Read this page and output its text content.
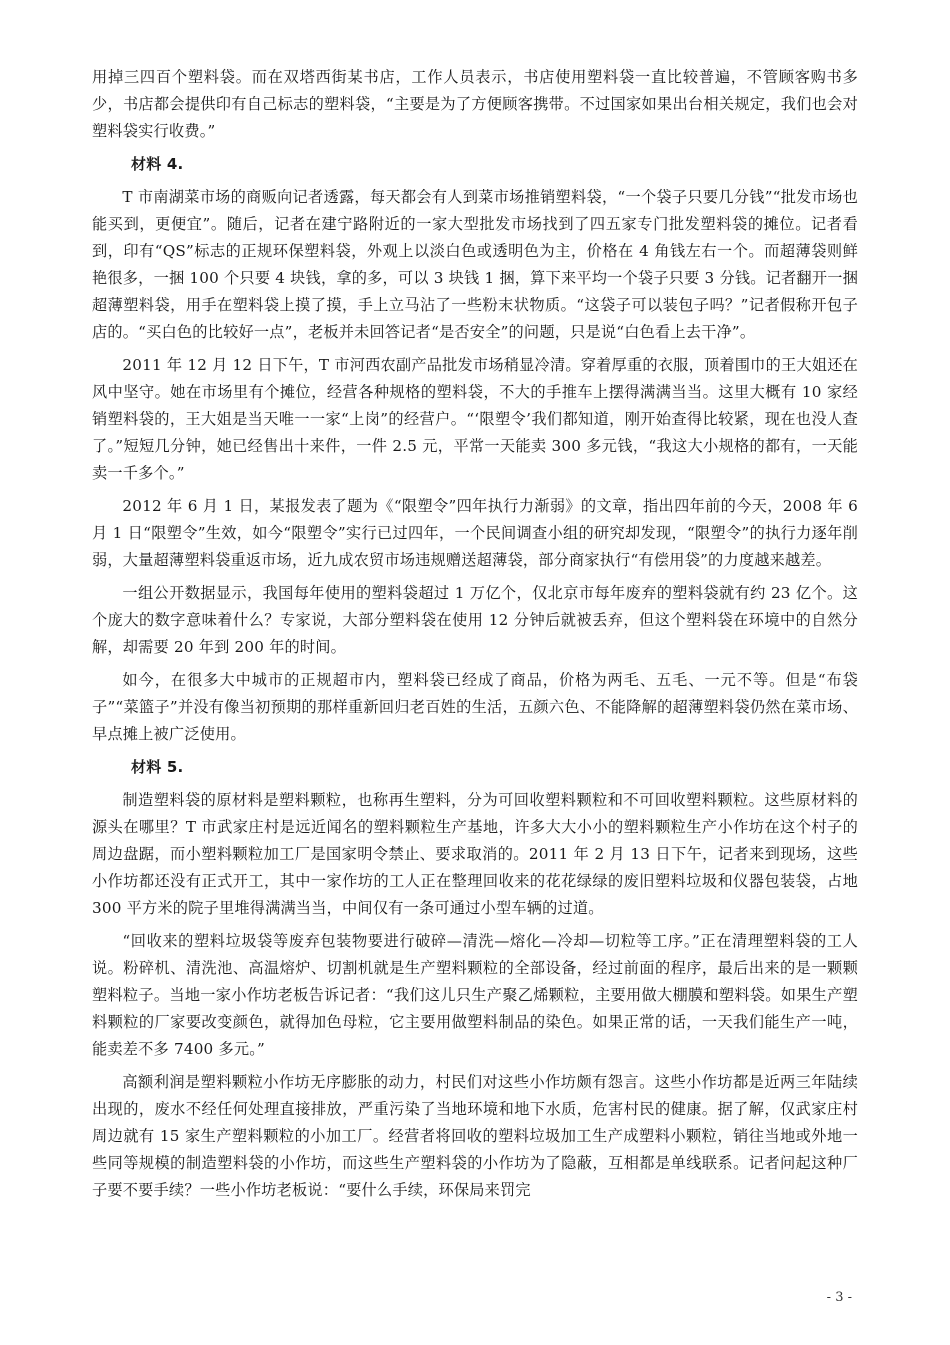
用掉三四百个塑料袋。而在双塔西街某书店，工作人员表示，书店使用塑料袋一直比较普遍，不管顾客购书多少，书店都会提供印有自己标志的塑料袋，“主要是为了方便顾客携带。不过国家如果出台相关规定，我们也会对塑料袋实行收费。”

材料 4.

T 市南湖菜市场的商贩向记者透露，每天都会有人到菜市场推销塑料袋，“一个袋子只要几分钱”“批发市场也能买到，更便宜”。随后，记者在建宁路附近的一家大型批发市场找到了四五家专门批发塑料袋的摊位。记者看到，印有“QS”标志的正规环保塑料袋，外观上以淡白色或透明色为主，价格在 4 角钱左右一个。而超薄袋则鲜艳很多，一捆 100 个只要 4 块钱，拿的多，可以 3 块钱 1 捆，算下来平均一个袋子只要 3 分钱。记者翻开一捆超薄塑料袋，用手在塑料袋上摸了摸，手上立马沾了一些粉末状物质。“这袋子可以装包子吗？”记者假称开包子店的。“买白色的比较好一点”，老板并未回答记者“是否安全”的问题，只是说“白色看上去干净”。

2011 年 12 月 12 日下午，T 市河西农副产品批发市场稍显冷清。穿着厚重的衣服，顶着围巾的王大姐还在风中坚守。她在市场里有个摊位，经营各种规格的塑料袋，不大的手推车上摆得满满当当。这里大概有 10 家经销塑料袋的，王大姐是当天唯一一家“上岗”的经营户。“‘限塑令’我们都知道，刚开始查得比较紧，现在也没人查了。”短短几分钟，她已经售出十来件，一件 2.5 元，平常一天能卖 300 多元钱，“我这大小规格的都有，一天能卖一千多个。”

2012 年 6 月 1 日，某报发表了题为《“限塑令”四年执行力渐弱》的文章，指出四年前的今天，2008 年 6 月 1 日“限塑令”生效，如今“限塑令”实行已过四年，一个民间调查小组的研究却发现，“限塑令”的执行力逐年削弱，大量超薄塑料袋重返市场，近九成农贸市场违规赠送超薄袋，部分商家执行“有偿用袋”的力度越来越差。

一组公开数据显示，我国每年使用的塑料袋超过 1 万亿个，仅北京市每年废弃的塑料袋就有约 23 亿个。这个庞大的数字意味着什么？专家说，大部分塑料袋在使用 12 分钟后就被丢弃，但这个塑料袋在环境中的自然分解，却需要 20 年到 200 年的时间。

如今，在很多大中城市的正规超市内，塑料袋已经成了商品，价格为两毛、五毛、一元不等。但是“布袋子”“菜篮子”并没有像当初预期的那样重新回归老百姓的生活，五颜六色、不能降解的超薄塑料袋仍然在菜市场、早点摊上被广泛使用。

材料 5.

制造塑料袋的原材料是塑料颗粒，也称再生塑料，分为可回收塑料颗粒和不可回收塑料颗粒。这些原材料的源头在哪里？T 市武家庄村是远近闻名的塑料颗粒生产基地，许多大大小小的塑料颗粒生产小作坊在这个村子的周边盘踞，而小塑料颗粒加工厂是国家明令禁止、要求取消的。2011 年 2 月 13 日下午，记者来到现场，这些小作坊都还没有正式开工，其中一家作坊的工人正在整理回收来的花花绿绿的废旧塑料垃圾和仪器包装袋，占地 300 平方米的院子里堆得满满当当，中间仅有一条可通过小型车辆的过道。

“回收来的塑料垃圾袋等废弃包装物要进行破碎—清洗—熔化—冷却—切粒等工序。”正在清理塑料袋的工人说。粉碎机、清洗池、高温熔炉、切割机就是生产塑料颗粒的全部设备，经过前面的程序，最后出来的是一颗颗塑料粒子。当地一家小作坊老板告诉记者：“我们这儿只生产聚乙烯颗粒，主要用做大棚膜和塑料袋。如果生产塑料颗粒的厂家要改变颜色，就得加色母粒，它主要用做塑料制品的染色。如果正常的话，一天我们能生产一吨，能卖差不多 7400 多元。”

高额利润是塑料颗粒小作坊无序膨胀的动力，村民们对这些小作坊颇有怨言。这些小作坊都是近两三年陆续出现的，废水不经任何处理直接排放，严重污染了当地环境和地下水质，危害村民的健康。据了解，仅武家庄村周边就有 15 家生产塑料颗粒的小加工厂。经营者将回收的塑料垃圾加工生产成塑料小颗粒，销往当地或外地一些同等规模的制造塑料袋的小作坊，而这些生产塑料袋的小作坊为了隐蔽，互相都是单线联系。记者问起这种厂子要不要手续？一些小作坊老板说：“要什么手续，环保局来罚完

- 3 -
